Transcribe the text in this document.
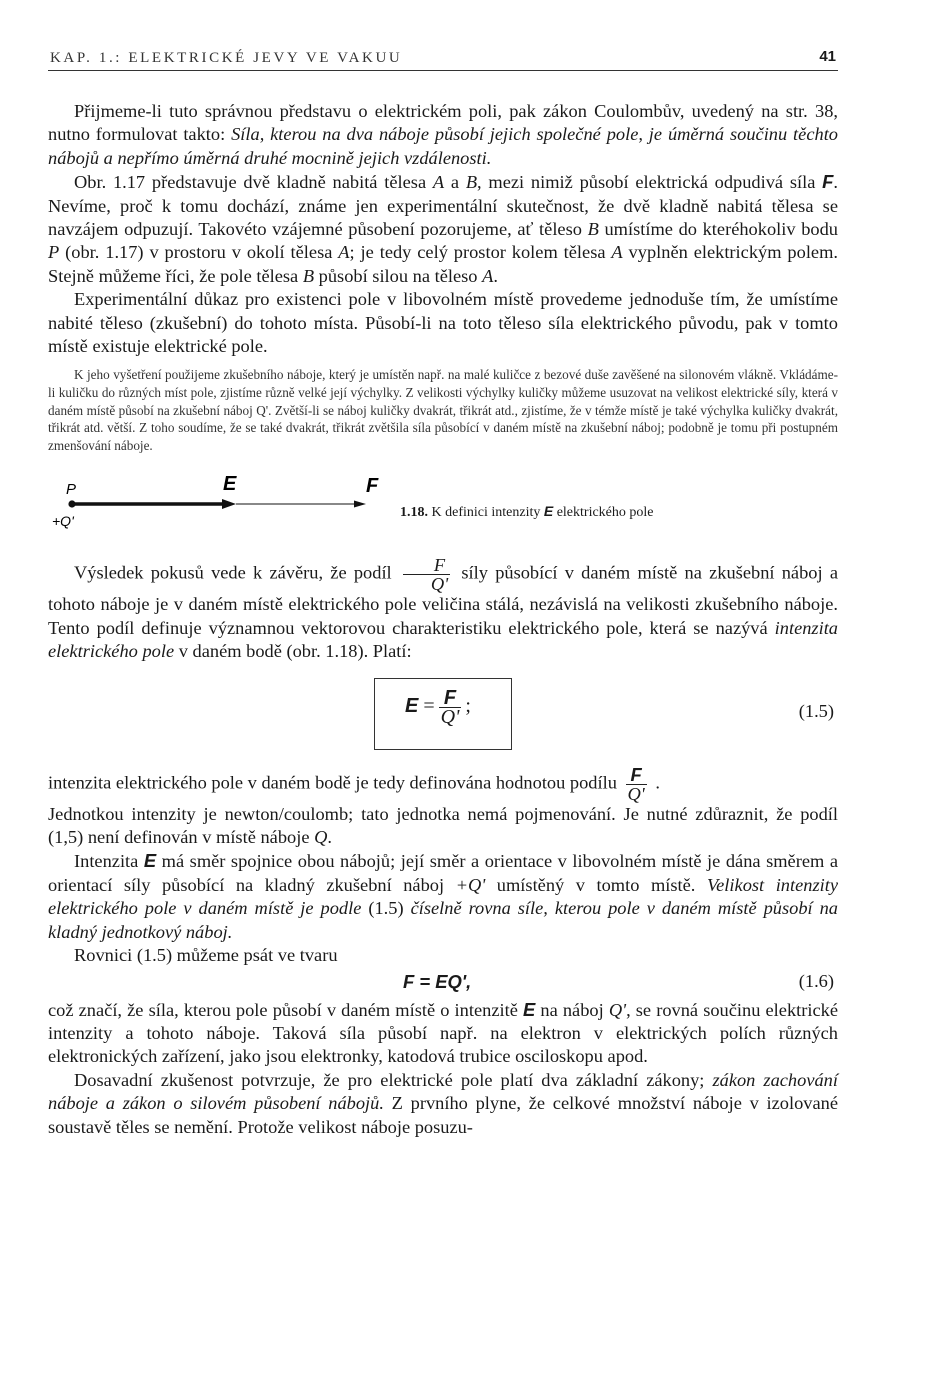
KAP. 1.: ELEKTRICKÉ JEVY VE VAKUU	41

Přijmeme-li tuto správnou představu o elektrickém poli, pak zákon Coulombův, uvedený na str. 38, nutno formulovat takto: Síla, kterou na dva náboje působí jejich společné pole, je úměrná součinu těchto nábojů a nepřímo úměrná druhé mocnině jejich vzdálenosti.

Obr. 1.17 představuje dvě kladně nabitá tělesa A a B, mezi nimiž působí elektrická odpudivá síla F. Nevíme, proč k tomu dochází, známe jen experimentální skutečnost, že dvě kladně nabitá tělesa se navzájem odpuzují. Takovéto vzájemné působení pozorujeme, ať těleso B umístíme do kteréhokoliv bodu P (obr. 1.17) v prostoru v okolí tělesa A; je tedy celý prostor kolem tělesa A vyplněn elektrickým polem. Stejně můžeme říci, že pole tělesa B působí silou na těleso A.

Experimentální důkaz pro existenci pole v libovolném místě provedeme jednoduše tím, že umístíme nabité těleso (zkušební) do tohoto místa. Působí-li na toto těleso síla elektrického původu, pak v tomto místě existuje elektrické pole.

K jeho vyšetření použijeme zkušebního náboje, který je umístěn např. na malé kuličce z bezové duše zavěšené na silonovém vlákně. Vkládáme-li kuličku do různých míst pole, zjistíme různě velké její výchylky. Z velikosti výchylky kuličky můžeme usuzovat na velikost elektrické síly, která v daném místě působí na zkušební náboj Q'. Zvětší-li se náboj kuličky dvakrát, třikrát atd., zjistíme, že v témže místě je také výchylka kuličky dvakrát, třikrát atd. větší. Z toho soudíme, že se také dvakrát, třikrát zvětšila síla působící v daném místě na zkušební náboj; podobně je tomu při postupném zmenšování náboje.

P	E	F
+Q'
1.18. K definici intenzity E elektrického pole

Výsledek pokusů vede k závěru, že podíl $\frac{F}{Q'}$ síly působící v daném místě na zkušební náboj a tohoto náboje je v daném místě elektrického pole veličina stálá, nezávislá na velikosti zkušebního náboje. Tento podíl definuje významnou vektorovou charakteristiku elektrického pole, která se nazývá intenzita elektrického pole v daném bodě (obr. 1.18). Platí:

$E = \frac{F}{Q'}$ ;	(1.5)

intenzita elektrického pole v daném bodě je tedy definována hodnotou podílu $\frac{F}{Q'}$ .

Jednotkou intenzity je newton/coulomb; tato jednotka nemá pojmenování. Je nutné zdůraznit, že podíl (1,5) není definován v místě náboje Q.

Intenzita E má směr spojnice obou nábojů; její směr a orientace v libovolném místě je dána směrem a orientací síly působící na kladný zkušební náboj +Q' umístěný v tomto místě. Velikost intenzity elektrického pole v daném místě je podle (1.5) číselně rovna síle, kterou pole v daném místě působí na kladný jednotkový náboj.

Rovnici (1.5) můžeme psát ve tvaru

F = EQ',	(1.6)

což značí, že síla, kterou pole působí v daném místě o intenzitě E na náboj Q', se rovná součinu elektrické intenzity a tohoto náboje. Taková síla působí např. na elektron v elektrických polích různých elektronických zařízení, jako jsou elektronky, katodová trubice osciloskopu apod.

Dosavadní zkušenost potvrzuje, že pro elektrické pole platí dva základní zákony; zákon zachování náboje a zákon o silovém působení nábojů. Z prvního plyne, že celkové množství náboje v izolované soustavě těles se nemění. Protože velikost náboje posuzu-
